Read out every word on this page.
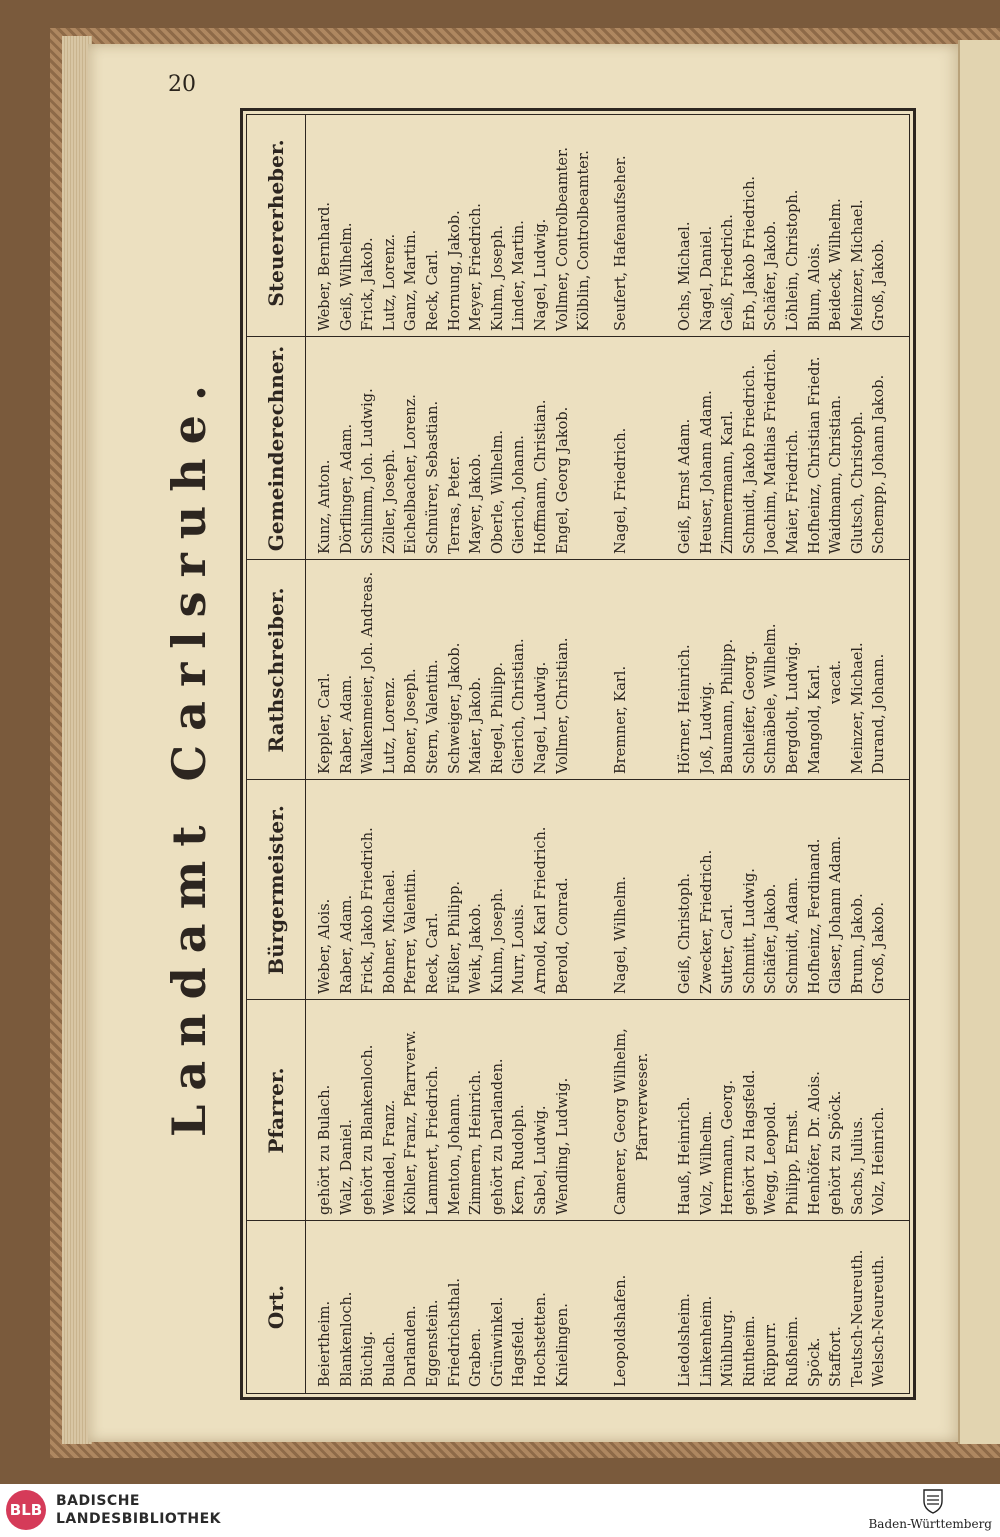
20
Landamt Carlsruhe.
Ort.
Pfarrer.
Bürgermeister.
Rathschreiber.
Gemeinderechner.
Steuererheber.
Beiertheim. Blankenloch. Büchig. Bulach. Darlanden. Eggenstein. Friedrichsthal. Graben. Grünwinkel. Hagsfeld. Hochstetten. Knielingen.
gehört zu Bulach. Walz, Daniel. gehört zu Blankenloch. Weindel, Franz. Köhler, Franz, Pfarrverw. Lammert, Friedrich. Menton, Johann. Zimmern, Heinrich. gehört zu Darlanden. Kern, Rudolph. Sabel, Ludwig. Wendling, Ludwig.
Weber, Alois. Raber, Adam. Frick, Jakob Friedrich. Bohner, Michael. Pferrer, Valentin. Reck, Carl. Füßler, Philipp. Weik, Jakob. Kuhm, Joseph. Murr, Louis. Arnold, Karl Friedrich. Berold, Conrad.
Keppler, Carl. Raber, Adam. Walkenmeier, Joh. Andreas. Lutz, Lorenz. Boner, Joseph. Stern, Valentin. Schweiger, Jakob. Maier, Jakob. Riegel, Philipp. Gierich, Christian. Nagel, Ludwig. Vollmer, Christian.
Kunz, Anton. Dörflinger, Adam. Schlimm, Joh. Ludwig. Zöller, Joseph. Eichelbacher, Lorenz. Schnürer, Sebastian. Terras, Peter. Mayer, Jakob. Oberle, Wilhelm. Gierich, Johann. Hoffmann, Christian. Engel, Georg Jakob.
Weber, Bernhard. Geiß, Wilhelm. Frick, Jakob. Lutz, Lorenz. Ganz, Martin. Reck, Carl. Hornung, Jakob. Meyer, Friedrich. Kuhm, Joseph. Linder, Martin. Nagel, Ludwig. Vollmer, Controlbeamter. Kölblin, Controlbeamter.
Leopoldshafen.
Camerer, Georg Wilhelm, Pfarrverweser.
Nagel, Wilhelm.
Bremner, Karl.
Nagel, Friedrich.
Seufert, Hafenaufseher.
Liedolsheim. Linkenheim. Mühlburg. Rintheim. Rüppurr. Rußheim. Spöck. Staffort. Teutsch-Neureuth. Welsch-Neureuth.
Hauß, Heinrich. Volz, Wilhelm. Herrmann, Georg. gehört zu Hagsfeld. Wegg, Leopold. Philipp, Ernst. Henhöfer, Dr. Alois. gehört zu Spöck. Sachs, Julius. Volz, Heinrich.
Geiß, Christoph. Zwecker, Friedrich. Sutter, Carl. Schmitt, Ludwig. Schäfer, Jakob. Schmidt, Adam. Hofheinz, Ferdinand. Glaser, Johann Adam. Brunn, Jakob. Groß, Jakob.
Hörner, Heinrich. Joß, Ludwig. Baumann, Philipp. Schleifer, Georg. Schnäbele, Wilhelm. Bergdolt, Ludwig. Mangold, Karl. vacat. Meinzer, Michael. Durand, Johann.
Geiß, Ernst Adam. Heuser, Johann Adam. Zimmermann, Karl. Schmidt, Jakob Friedrich. Joachim, Mathias Friedrich. Maier, Friedrich. Hofheinz, Christian Friedr. Waidmann, Christian. Glutsch, Christoph. Schempp, Johann Jakob.
Ochs, Michael. Nagel, Daniel. Geiß, Friedrich. Erb, Jakob Friedrich. Schäfer, Jakob. Löhlein, Christoph. Blum, Alois. Beideck, Wilhelm. Meinzer, Michael. Groß, Jakob.
BLB BADISCHE
LANDESBIBLIOTHEK	Baden-Württemberg
